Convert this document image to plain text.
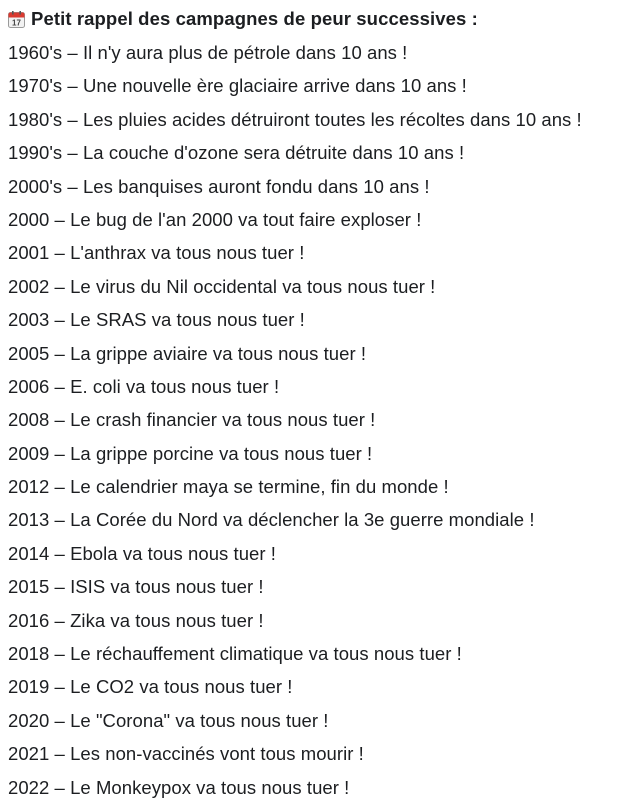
17 Petit rappel des campagnes de peur successives :
1960's – Il n'y aura plus de pétrole dans 10 ans !
1970's – Une nouvelle ère glaciaire arrive dans 10 ans !
1980's – Les pluies acides détruiront toutes les récoltes dans 10 ans !
1990's – La couche d'ozone sera détruite dans 10 ans !
2000's – Les banquises auront fondu dans 10 ans !
2000 – Le bug de l'an 2000 va tout faire exploser !
2001 – L'anthrax va tous nous tuer !
2002 – Le virus du Nil occidental va tous nous tuer !
2003 – Le SRAS va tous nous tuer !
2005 – La grippe aviaire va tous nous tuer !
2006 – E. coli va tous nous tuer !
2008 – Le crash financier va tous nous tuer !
2009 – La grippe porcine va tous nous tuer !
2012 – Le calendrier maya se termine, fin du monde !
2013 – La Corée du Nord va déclencher la 3e guerre mondiale !
2014 – Ebola va tous nous tuer !
2015 – ISIS va tous nous tuer !
2016 – Zika va tous nous tuer !
2018 – Le réchauffement climatique va tous nous tuer !
2019 – Le CO2 va tous nous tuer !
2020 – Le "Corona" va tous nous tuer !
2021 – Les non-vaccinés vont tous mourir !
2022 – Le Monkeypox va tous nous tuer !
